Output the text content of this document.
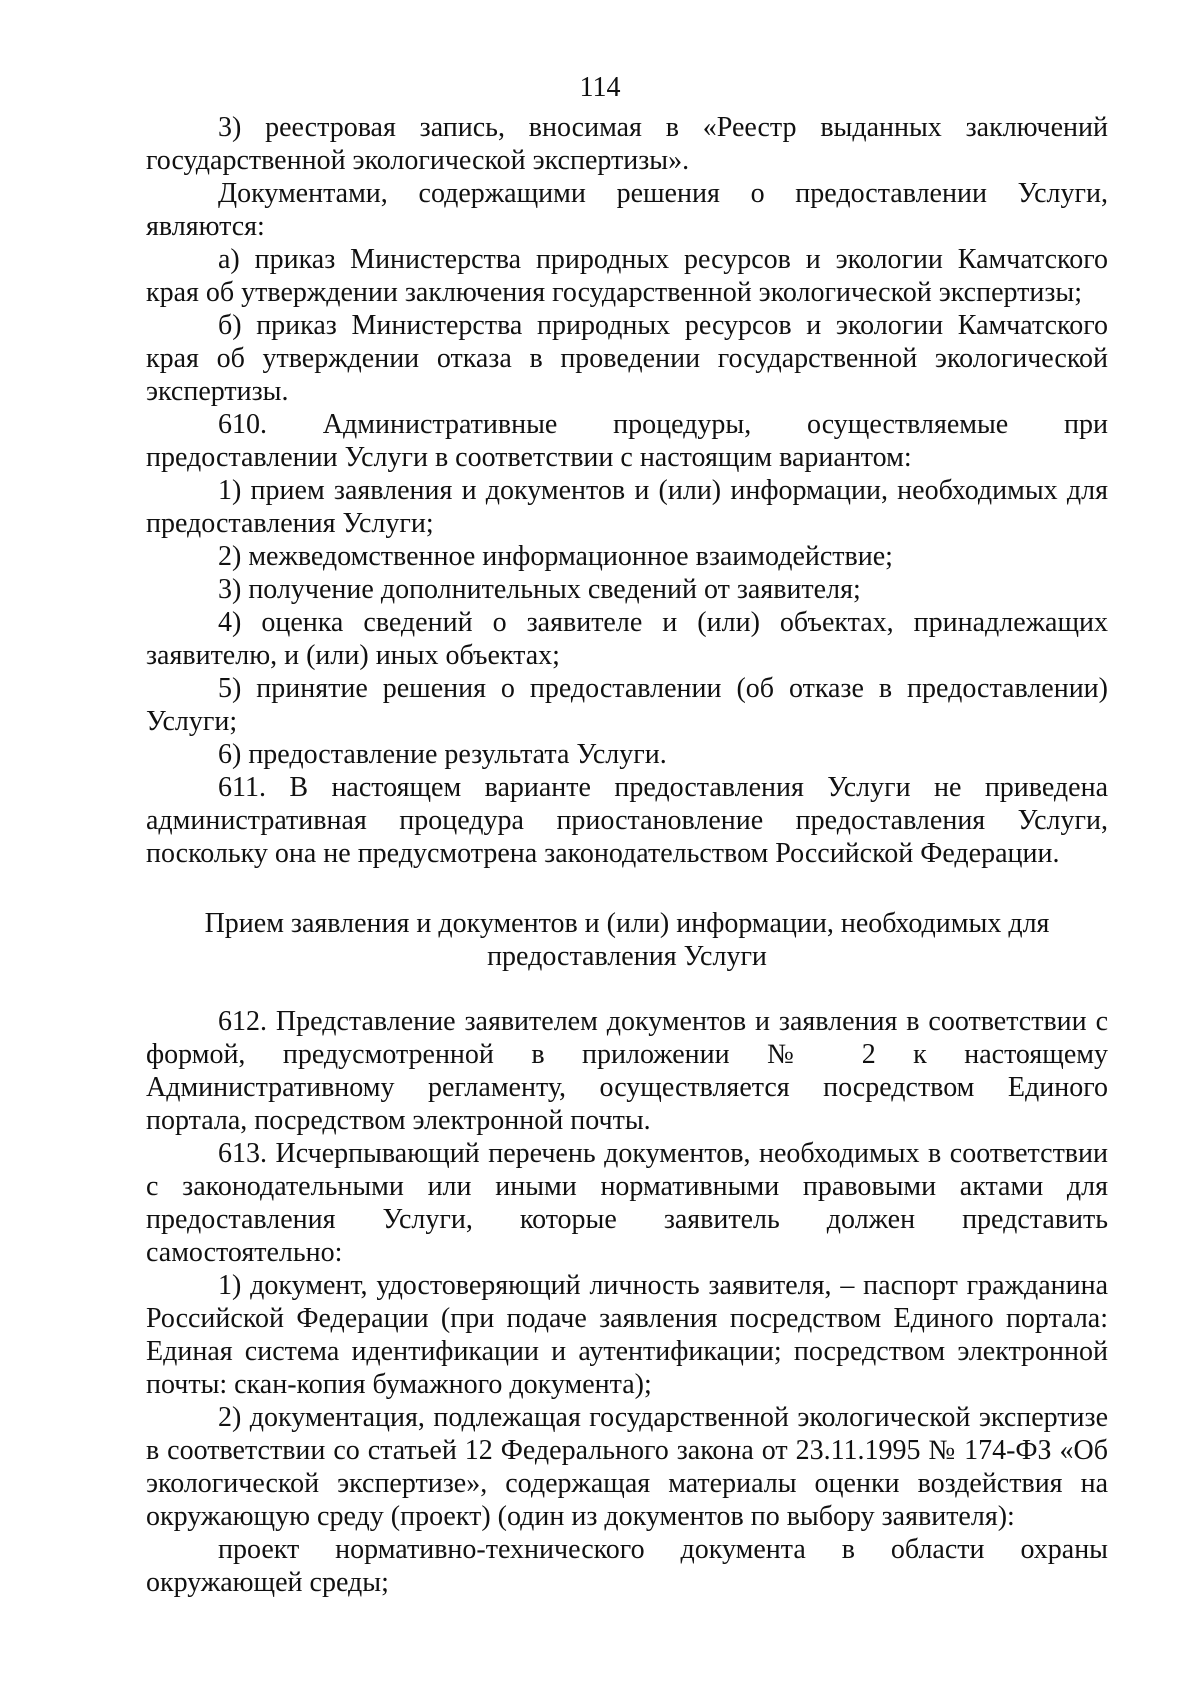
114

3) реестровая запись, вносимая в «Реестр выданных заключений государственной экологической экспертизы».

Документами, содержащими решения о предоставлении Услуги, являются:

а) приказ Министерства природных ресурсов и экологии Камчатского края об утверждении заключения государственной экологической экспертизы;

б) приказ Министерства природных ресурсов и экологии Камчатского края об утверждении отказа в проведении государственной экологической экспертизы.

610. Административные процедуры, осуществляемые при предоставлении Услуги в соответствии с настоящим вариантом:

1) прием заявления и документов и (или) информации, необходимых для предоставления Услуги;

2) межведомственное информационное взаимодействие;

3) получение дополнительных сведений от заявителя;

4) оценка сведений о заявителе и (или) объектах, принадлежащих заявителю, и (или) иных объектах;

5) принятие решения о предоставлении (об отказе в предоставлении) Услуги;

6) предоставление результата Услуги.

611. В настоящем варианте предоставления Услуги не приведена административная процедура приостановление предоставления Услуги, поскольку она не предусмотрена законодательством Российской Федерации.

Прием заявления и документов и (или) информации, необходимых для
предоставления Услуги

612. Представление заявителем документов и заявления в соответствии с формой, предусмотренной в приложении № 2 к настоящему Административному регламенту, осуществляется посредством Единого портала, посредством электронной почты.

613. Исчерпывающий перечень документов, необходимых в соответствии с законодательными или иными нормативными правовыми актами для предоставления Услуги, которые заявитель должен представить самостоятельно:

1) документ, удостоверяющий личность заявителя, – паспорт гражданина Российской Федерации (при подаче заявления посредством Единого портала: Единая система идентификации и аутентификации; посредством электронной почты: скан-копия бумажного документа);

2) документация, подлежащая государственной экологической экспертизе в соответствии со статьей 12 Федерального закона от 23.11.1995 № 174-ФЗ «Об экологической экспертизе», содержащая материалы оценки воздействия на окружающую среду (проект) (один из документов по выбору заявителя):

проект нормативно-технического документа в области охраны окружающей среды;
